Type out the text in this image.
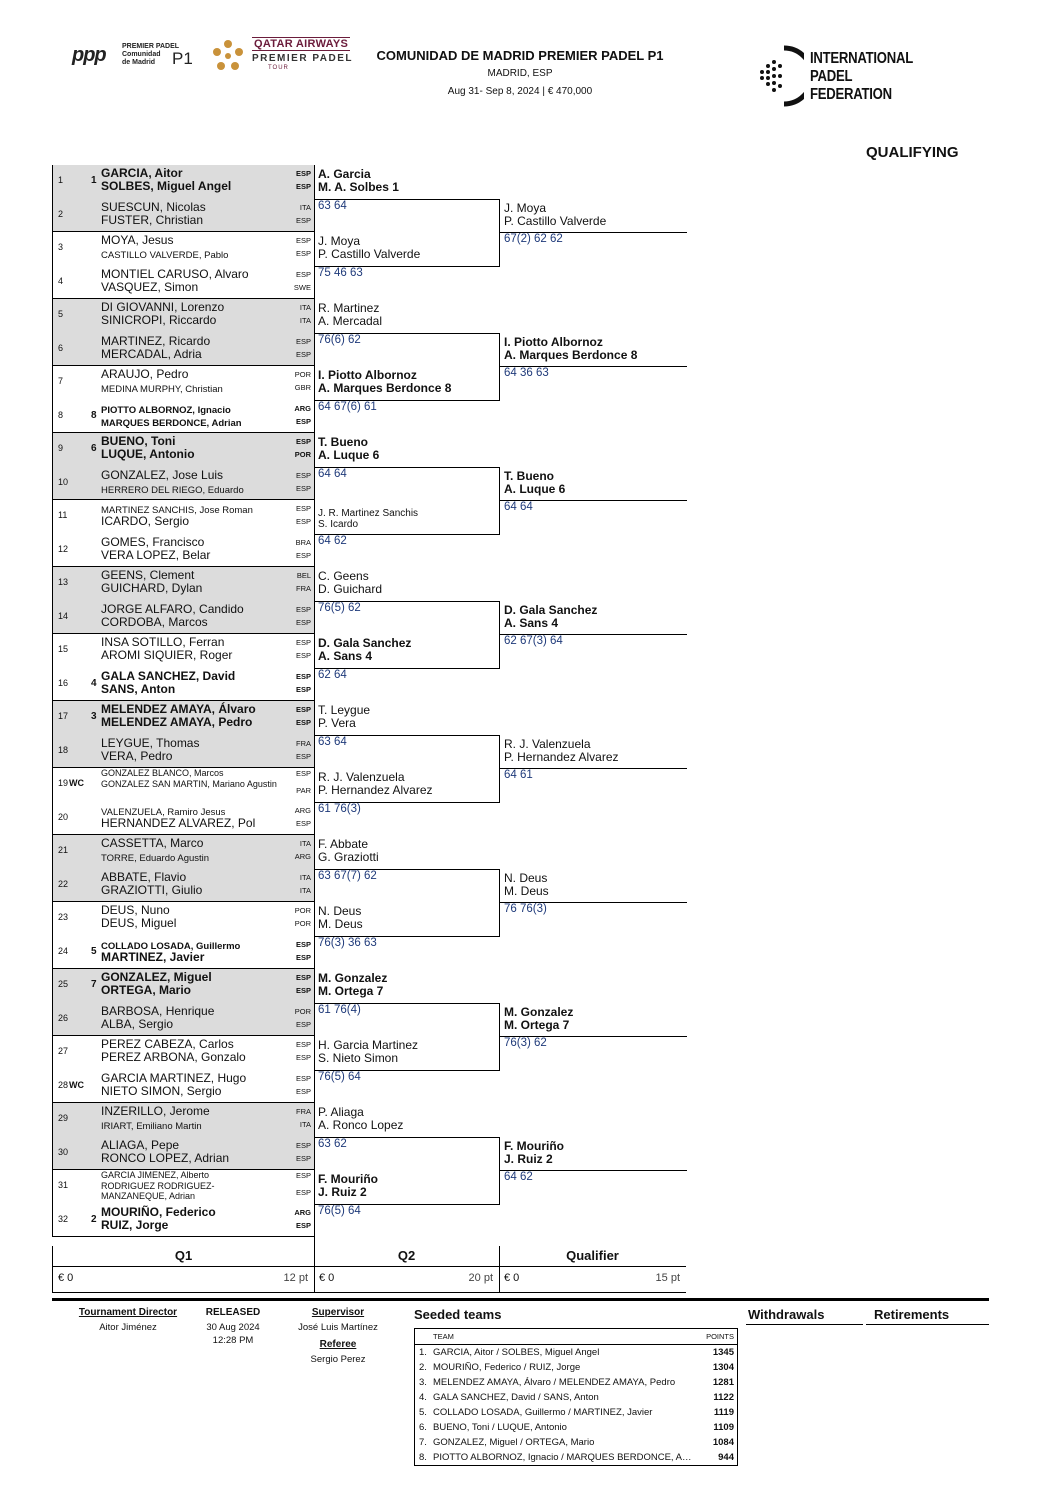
ppp PREMIER PADEL
Comunidad
de Madrid P1
QATAR AIRWAYS
PREMIER PADEL
TOUR
COMUNIDAD DE MADRID PREMIER PADEL P1
MADRID, ESP
Aug 31- Sep 8, 2024 | € 470,000
INTERNATIONAL
PADEL
FEDERATION
QUALIFYING
1	1
GARCIA, Aitor
SOLBES, Miguel Angel
ESP
ESP
2	SUESCUN, Nicolas
FUSTER, Christian
ITA
ESP
3	MOYA, Jesus
CASTILLO VALVERDE, Pablo
ESP
ESP
4	MONTIEL CARUSO, Alvaro
VASQUEZ, Simon
ESP
SWE
5	DI GIOVANNI, Lorenzo
SINICROPI, Riccardo
ITA
ITA
6	MARTINEZ, Ricardo
MERCADAL, Adria
ESP
ESP
7	ARAUJO, Pedro
MEDINA MURPHY, Christian
POR
GBR
8	8 PIOTTO ALBORNOZ, Ignacio
MARQUES BERDONCE, Adrian
ARG
ESP
9	6
BUENO, Toni
LUQUE, Antonio
ESP
POR
10	GONZALEZ, Jose Luis
HERRERO DEL RIEGO, Eduardo
ESP
ESP
11	MARTINEZ SANCHIS, Jose Roman
ICARDO, Sergio
ESP
ESP
12	GOMES, Francisco
VERA LOPEZ, Belar
BRA
ESP
13	GEENS, Clement
GUICHARD, Dylan
BEL
FRA
14	JORGE ALFARO, Candido
CORDOBA, Marcos
ESP
ESP
15	INSA SOTILLO, Ferran
AROMI SIQUIER, Roger
ESP
ESP
16	4
GALA SANCHEZ, David
SANS, Anton
ESP
ESP
17	3
MELENDEZ AMAYA, Álvaro
MELENDEZ AMAYA, Pedro
ESP
ESP
18	LEYGUE, Thomas
VERA, Pedro
FRA
ESP
19 WC
GONZALEZ BLANCO, Marcos
GONZALEZ SAN MARTIN, Mariano Agustin
ESP
PAR
20	VALENZUELA, Ramiro Jesus
HERNANDEZ ALVAREZ, Pol
ARG
ESP
21	CASSETTA, Marco
TORRE, Eduardo Agustin
ITA
ARG
22	ABBATE, Flavio
GRAZIOTTI, Giulio
ITA
ITA
23	DEUS, Nuno
DEUS, Miguel
POR
POR
24	5 COLLADO LOSADA, Guillermo
MARTINEZ, Javier
ESP
ESP
25	7
GONZALEZ, Miguel
ORTEGA, Mario
ESP
ESP
26	BARBOSA, Henrique
ALBA, Sergio
POR
ESP
27	PEREZ CABEZA, Carlos
PEREZ ARBONA, Gonzalo
ESP
ESP
28 WC GARCIA MARTINEZ, Hugo
NIETO SIMON, Sergio
ESP
ESP
29	INZERILLO, Jerome
IRIART, Emiliano Martin
FRA
ITA
30	ALIAGA, Pepe
RONCO LOPEZ, Adrian
ESP
ESP
31
GARCIA JIMENEZ, Alberto
RODRIGUEZ RODRIGUEZ-MANZANEQUE, Adrian
ESP
ESP
32	2
MOURIÑO, Federico
RUIZ, Jorge
ARG
ESP
A. Garcia
M. A. Solbes 1
63 64
J. Moya
P. Castillo Valverde
75 46 63
R. Martinez
A. Mercadal
76(6) 62
I. Piotto Albornoz
A. Marques Berdonce 8
64 67(6) 61
T. Bueno
A. Luque 6
64 64
J. R. Martinez Sanchis
S. Icardo
64 62
C. Geens
D. Guichard
76(5) 62
D. Gala Sanchez
A. Sans 4
62 64
T. Leygue
P. Vera
63 64
R. J. Valenzuela
P. Hernandez Alvarez
61 76(3)
F. Abbate
G. Graziotti
63 67(7) 62
N. Deus
M. Deus
76(3) 36 63
M. Gonzalez
M. Ortega 7
61 76(4)
H. Garcia Martinez
S. Nieto Simon
76(5) 64
P. Aliaga
A. Ronco Lopez
63 62
F. Mouriño
J. Ruiz 2
76(5) 64
J. Moya
P. Castillo Valverde
67(2) 62 62
I. Piotto Albornoz
A. Marques Berdonce 8
64 36 63
T. Bueno
A. Luque 6
64 64
D. Gala Sanchez
A. Sans 4
62 67(3) 64
R. J. Valenzuela
P. Hernandez Alvarez
64 61
N. Deus
M. Deus
76 76(3)
M. Gonzalez
M. Ortega 7
76(3) 62
F. Mouriño
J. Ruiz 2
64 62
Q1
€ 0	12 pt
Q2
€ 0	20 pt
Qualifier
€ 0	15 pt
Tournament Director
Aitor Jiménez
RELEASED
30 Aug 2024
12:28 PM
Supervisor
José Luis Martínez
Referee
Sergio Perez
Seeded teams
TEAM	POINTS
1. GARCIA, Aitor / SOLBES, Miguel Angel	1345
2. MOURIÑO, Federico / RUIZ, Jorge	1304
3. MELENDEZ AMAYA, Álvaro / MELENDEZ AMAYA, Pedro	1281
4. GALA SANCHEZ, David / SANS, Anton	1122
5. COLLADO LOSADA, Guillermo / MARTINEZ, Javier	1119
6. BUENO, Toni / LUQUE, Antonio	1109
7. GONZALEZ, Miguel / ORTEGA, Mario	1084
8. PIOTTO ALBORNOZ, Ignacio / MARQUES BERDONCE, A…	944
Withdrawals	Retirements
